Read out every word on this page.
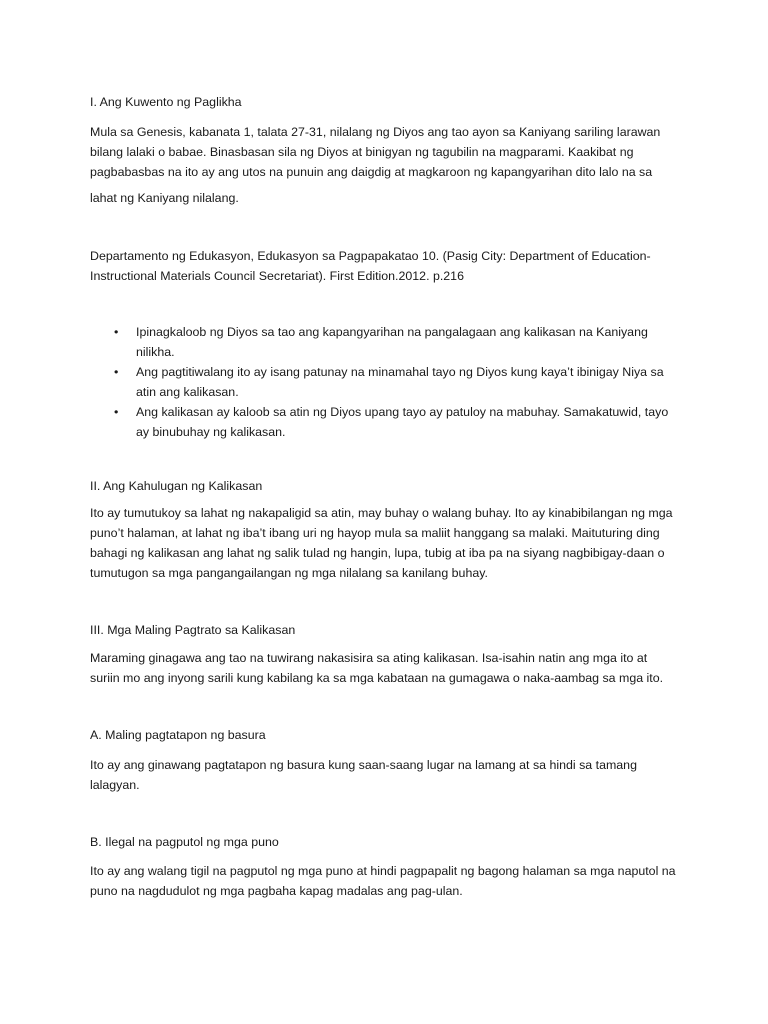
I. Ang Kuwento ng Paglikha

Mula sa Genesis, kabanata 1, talata 27-31, nilalang ng Diyos ang tao ayon sa Kaniyang sariling larawan bilang lalaki o babae. Binasbasan sila ng Diyos at binigyan ng tagubilin na magparami. Kaakibat ng pagbabasbas na ito ay ang utos na punuin ang daigdig at magkaroon ng kapangyarihan dito lalo na sa

lahat ng Kaniyang nilalang.

Departamento ng Edukasyon, Edukasyon sa Pagpapakatao 10. (Pasig City: Department of Education-Instructional Materials Council Secretariat). First Edition.2012. p.216

• Ipinagkaloob ng Diyos sa tao ang kapangyarihan na pangalagaan ang kalikasan na Kaniyang nilikha.
• Ang pagtitiwalang ito ay isang patunay na minamahal tayo ng Diyos kung kaya’t ibinigay Niya sa atin ang kalikasan.
• Ang kalikasan ay kaloob sa atin ng Diyos upang tayo ay patuloy na mabuhay. Samakatuwid, tayo ay binubuhay ng kalikasan.

II. Ang Kahulugan ng Kalikasan

Ito ay tumutukoy sa lahat ng nakapaligid sa atin, may buhay o walang buhay. Ito ay kinabibilangan ng mga puno’t halaman, at lahat ng iba’t ibang uri ng hayop mula sa maliit hanggang sa malaki. Maituturing ding bahagi ng kalikasan ang lahat ng salik tulad ng hangin, lupa, tubig at iba pa na siyang nagbibigay-daan o tumutugon sa mga pangangailangan ng mga nilalang sa kanilang buhay.

III. Mga Maling Pagtrato sa Kalikasan

Maraming ginagawa ang tao na tuwirang nakasisira sa ating kalikasan. Isa-isahin natin ang mga ito at suriin mo ang inyong sarili kung kabilang ka sa mga kabataan na gumagawa o naka-aambag sa mga ito.

A. Maling pagtatapon ng basura

Ito ay ang ginawang pagtatapon ng basura kung saan-saang lugar na lamang at sa hindi sa tamang lalagyan.

B. Ilegal na pagputol ng mga puno

Ito ay ang walang tigil na pagputol ng mga puno at hindi pagpapalit ng bagong halaman sa mga naputol na puno na nagdudulot ng mga pagbaha kapag madalas ang pag-ulan.
